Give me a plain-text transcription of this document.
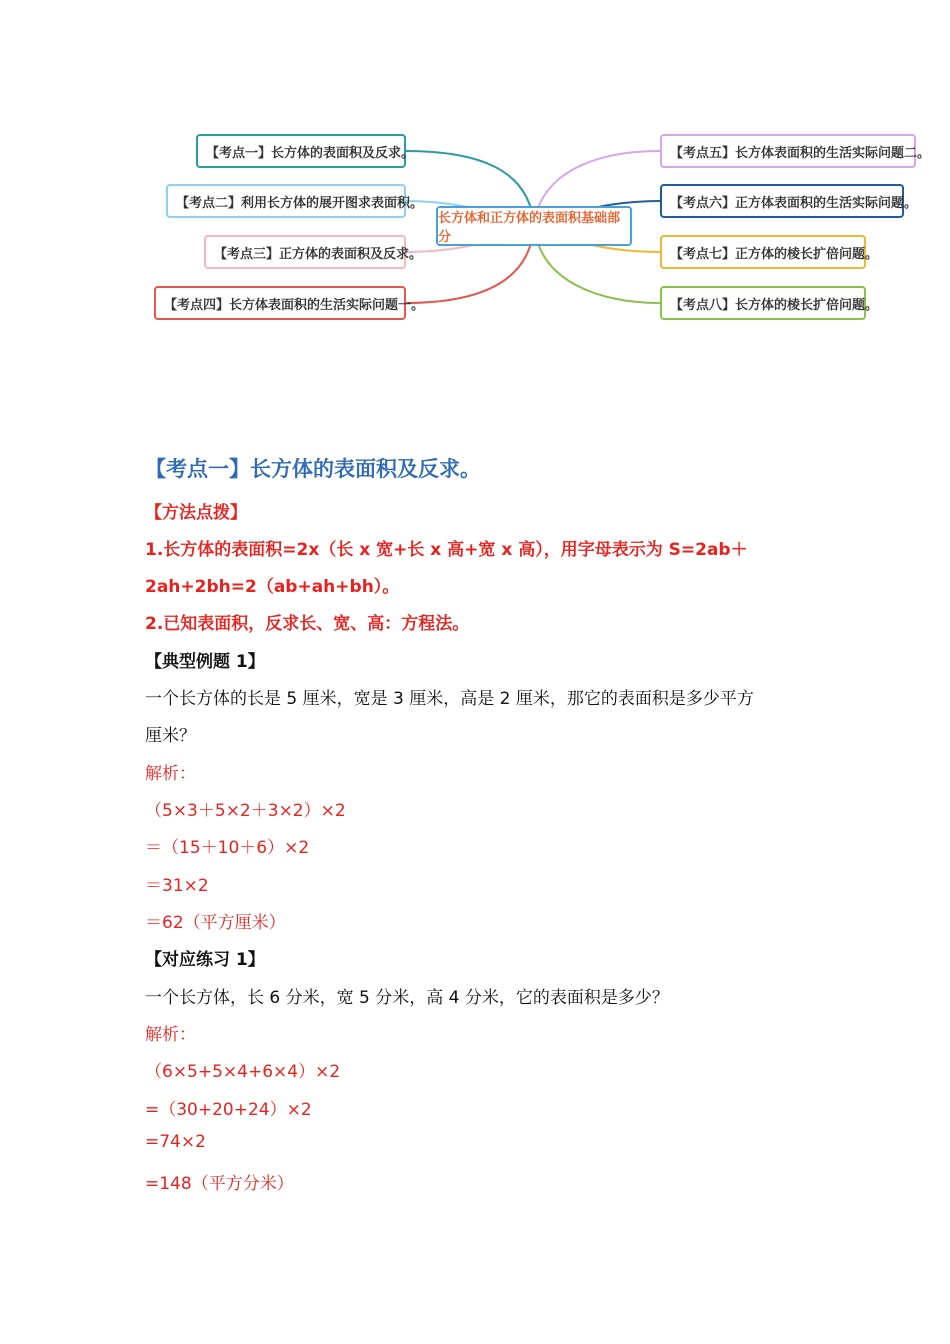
【考点一】长方体的表面积及反求。
【考点二】利用长方体的展开图求表面积。
【考点三】正方体的表面积及反求。
【考点四】长方体表面积的生活实际问题一。
长方体和正方体的表面积基础部分
【考点五】长方体表面积的生活实际问题二。
【考点六】正方体表面积的生活实际问题。
【考点七】正方体的棱长扩倍问题。
【考点八】长方体的棱长扩倍问题。
【考点一】长方体的表面积及反求。
【方法点拨】
1.长方体的表面积=2x（长 x 宽+长 x 高+宽 x 高），用字母表示为 S=2ab＋
2ah+2bh=2（ab+ah+bh）。
2.已知表面积，反求长、宽、高：方程法。
【典型例题 1】
一个长方体的长是 5 厘米，宽是 3 厘米，高是 2 厘米，那它的表面积是多少平方
厘米？
解析：
（5×3＋5×2＋3×2）×2
＝（15＋10＋6）×2
＝31×2
＝62（平方厘米）
【对应练习 1】
一个长方体，长 6 分米，宽 5 分米，高 4 分米，它的表面积是多少？
解析：
（6×5+5×4+6×4）×2
=（30+20+24）×2
=74×2
=148（平方分米）
